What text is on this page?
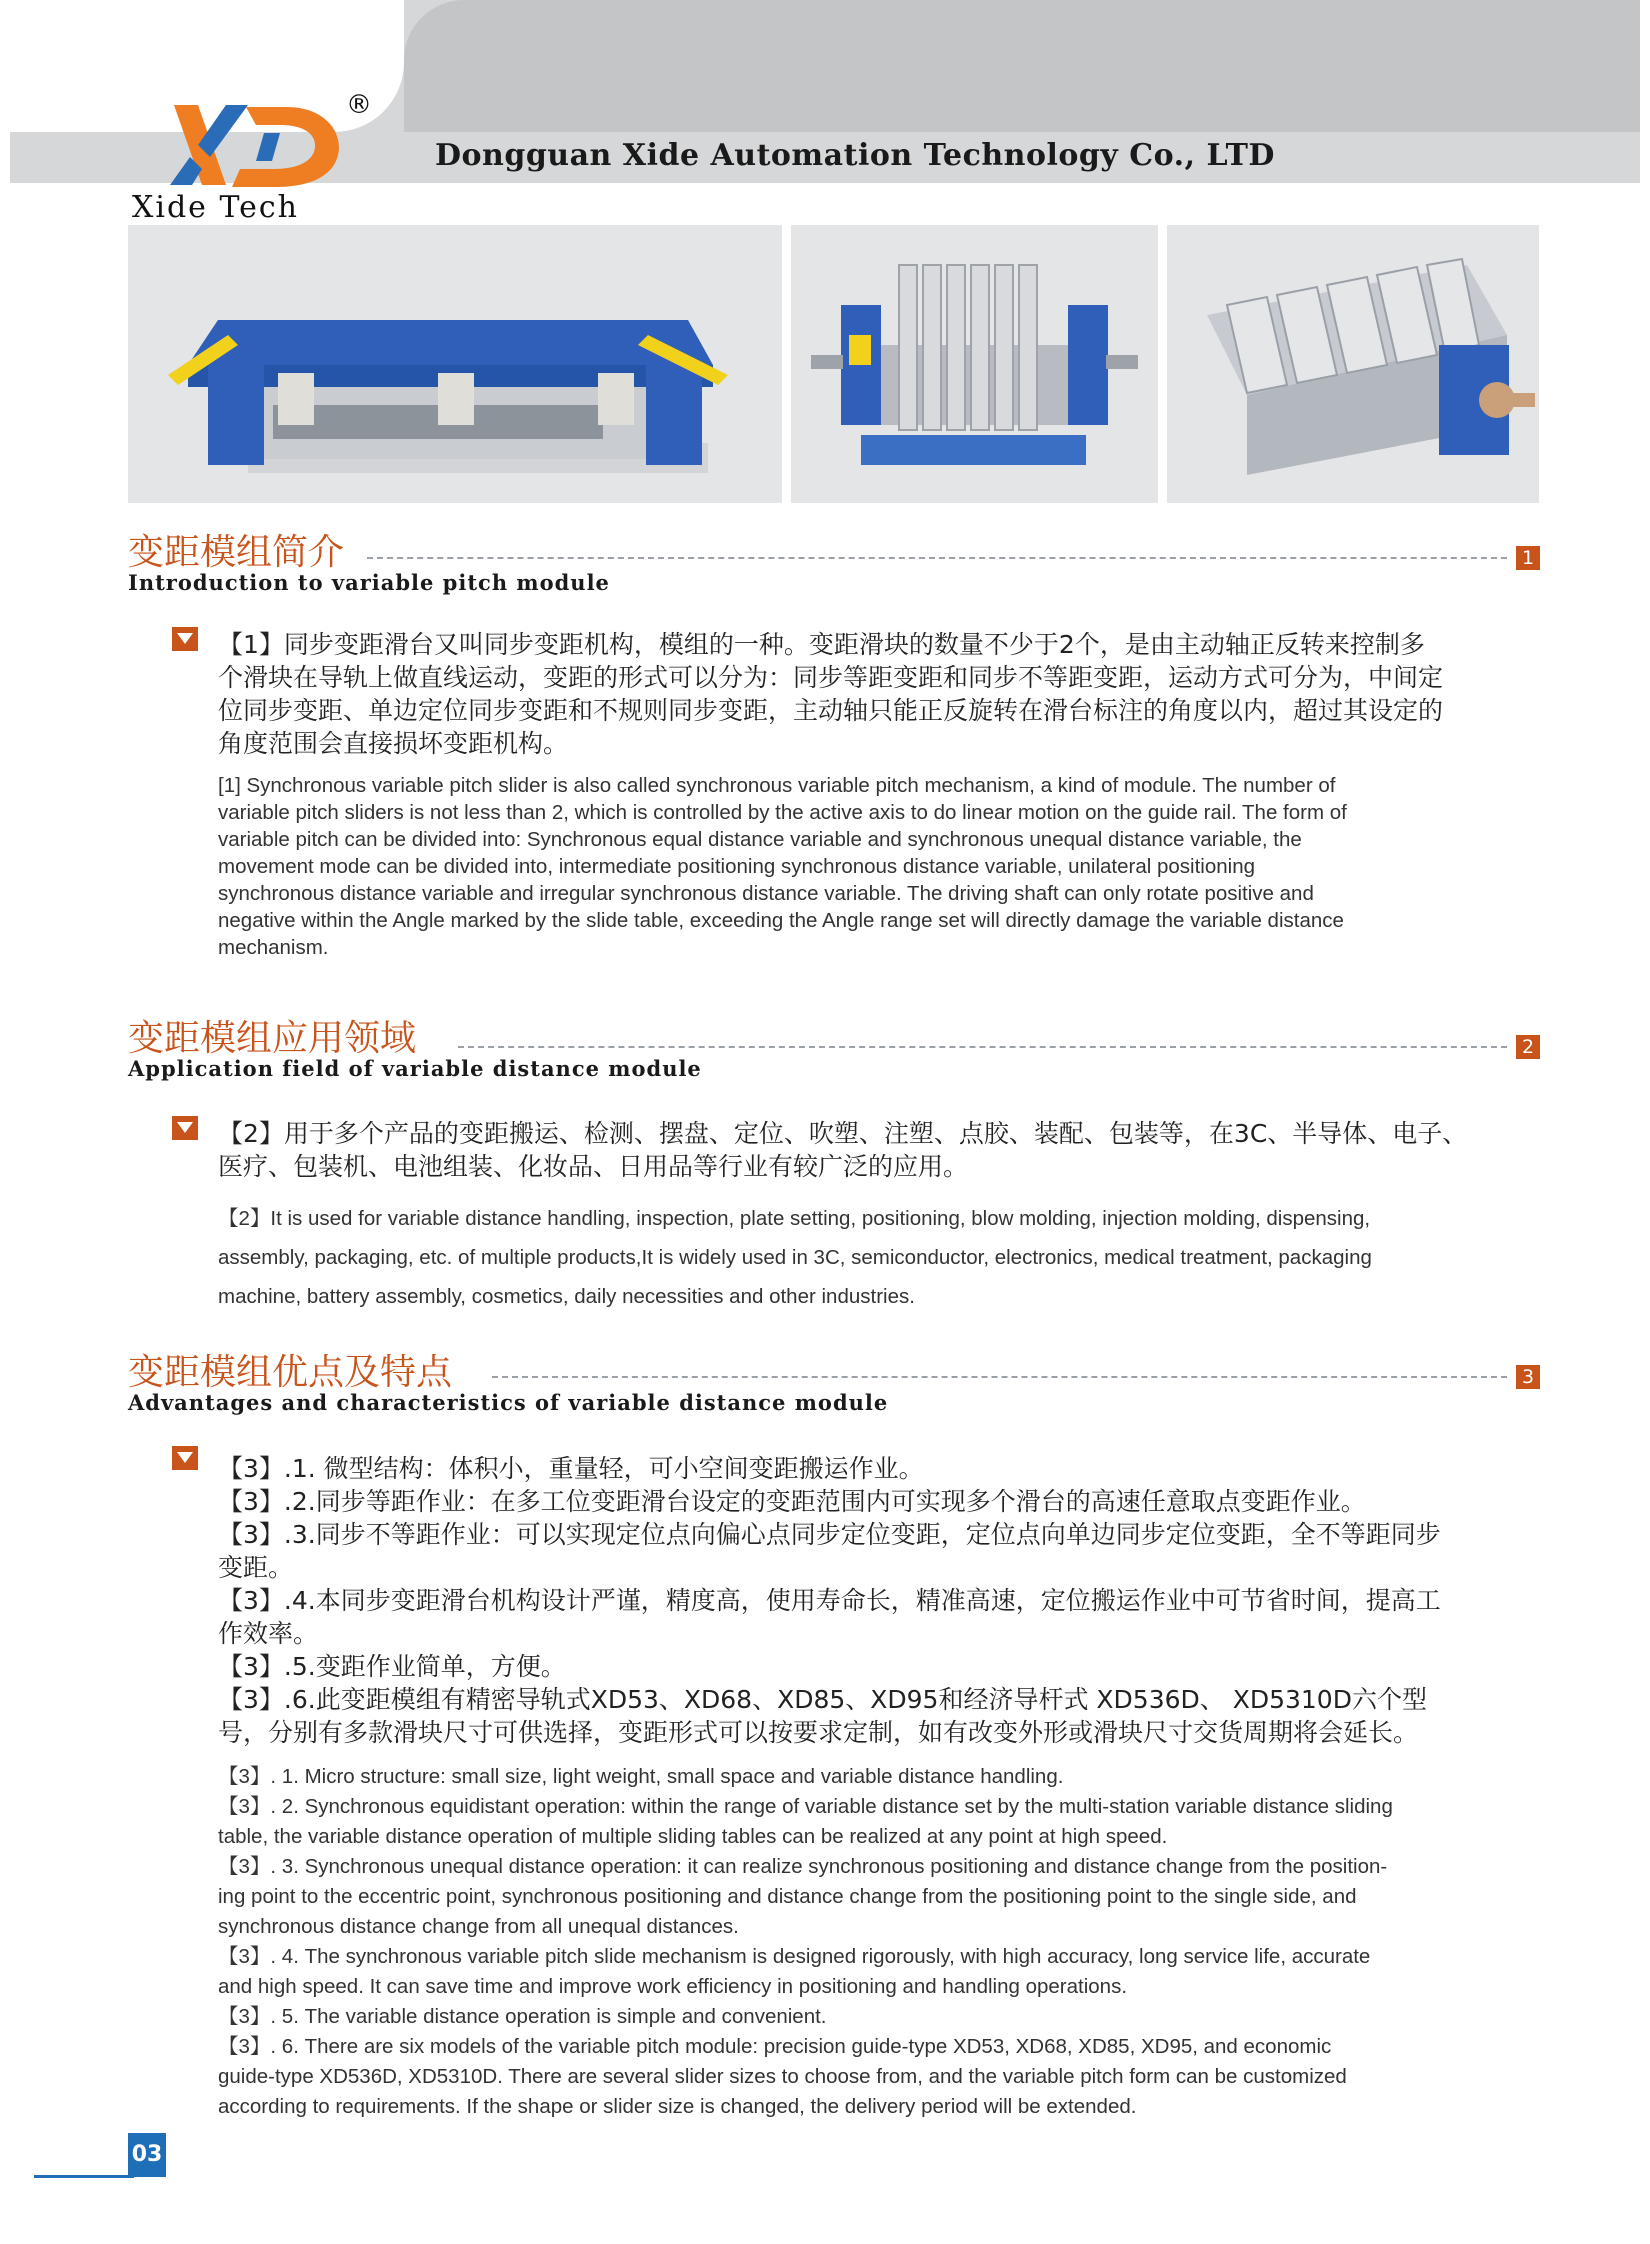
®
Xide Tech
Dongguan Xide Automation Technology Co., LTD
变距模组简介	1
Introduction to variable pitch module
【1】同步变距滑台又叫同步变距机构，模组的一种。变距滑块的数量不少于2个，是由主动轴正反转来控制多
个滑块在导轨上做直线运动，变距的形式可以分为：同步等距变距和同步不等距变距，运动方式可分为，中间定
位同步变距、单边定位同步变距和不规则同步变距，主动轴只能正反旋转在滑台标注的角度以内，超过其设定的
角度范围会直接损坏变距机构。
[1] Synchronous variable pitch slider is also called synchronous variable pitch mechanism, a kind of module. The number of
variable pitch sliders is not less than 2, which is controlled by the active axis to do linear motion on the guide rail. The form of
variable pitch can be divided into: Synchronous equal distance variable and synchronous unequal distance variable, the
movement mode can be divided into, intermediate positioning synchronous distance variable, unilateral positioning
synchronous distance variable and irregular synchronous distance variable. The driving shaft can only rotate positive and
negative within the Angle marked by the slide table, exceeding the Angle range set will directly damage the variable distance
mechanism.
变距模组应用领域	2
Application field of variable distance module
【2】用于多个产品的变距搬运、检测、摆盘、定位、吹塑、注塑、点胶、装配、包装等，在3C、半导体、电子、
医疗、包装机、电池组装、化妆品、日用品等行业有较广泛的应用。
【2】It is used for variable distance handling, inspection, plate setting, positioning, blow molding, injection molding, dispensing,
assembly, packaging, etc. of multiple products,It is widely used in 3C, semiconductor, electronics, medical treatment, packaging
machine, battery assembly, cosmetics, daily necessities and other industries.
变距模组优点及特点	3
Advantages and characteristics of variable distance module
【3】.1. 微型结构：体积小，重量轻，可小空间变距搬运作业。
【3】.2.同步等距作业：在多工位变距滑台设定的变距范围内可实现多个滑台的高速任意取点变距作业。
【3】.3.同步不等距作业：可以实现定位点向偏心点同步定位变距，定位点向单边同步定位变距，全不等距同步
变距。
【3】.4.本同步变距滑台机构设计严谨，精度高，使用寿命长，精准高速，定位搬运作业中可节省时间，提高工
作效率。
【3】.5.变距作业简单，方便。
【3】.6.此变距模组有精密导轨式XD53、XD68、XD85、XD95和经济导杆式 XD536D、 XD5310D六个型
号，分别有多款滑块尺寸可供选择，变距形式可以按要求定制，如有改变外形或滑块尺寸交货周期将会延长。
【3】. 1. Micro structure: small size, light weight, small space and variable distance handling.
【3】. 2. Synchronous equidistant operation: within the range of variable distance set by the multi-station variable distance sliding
table, the variable distance operation of multiple sliding tables can be realized at any point at high speed.
【3】. 3. Synchronous unequal distance operation: it can realize synchronous positioning and distance change from the position-
ing point to the eccentric point, synchronous positioning and distance change from the positioning point to the single side, and
synchronous distance change from all unequal distances.
【3】. 4. The synchronous variable pitch slide mechanism is designed rigorously, with high accuracy, long service life, accurate
and high speed. It can save time and improve work efficiency in positioning and handling operations.
【3】. 5. The variable distance operation is simple and convenient.
【3】. 6. There are six models of the variable pitch module: precision guide-type XD53, XD68, XD85, XD95, and economic
guide-type XD536D, XD5310D. There are several slider sizes to choose from, and the variable pitch form can be customized
according to requirements. If the shape or slider size is changed, the delivery period will be extended.
03
